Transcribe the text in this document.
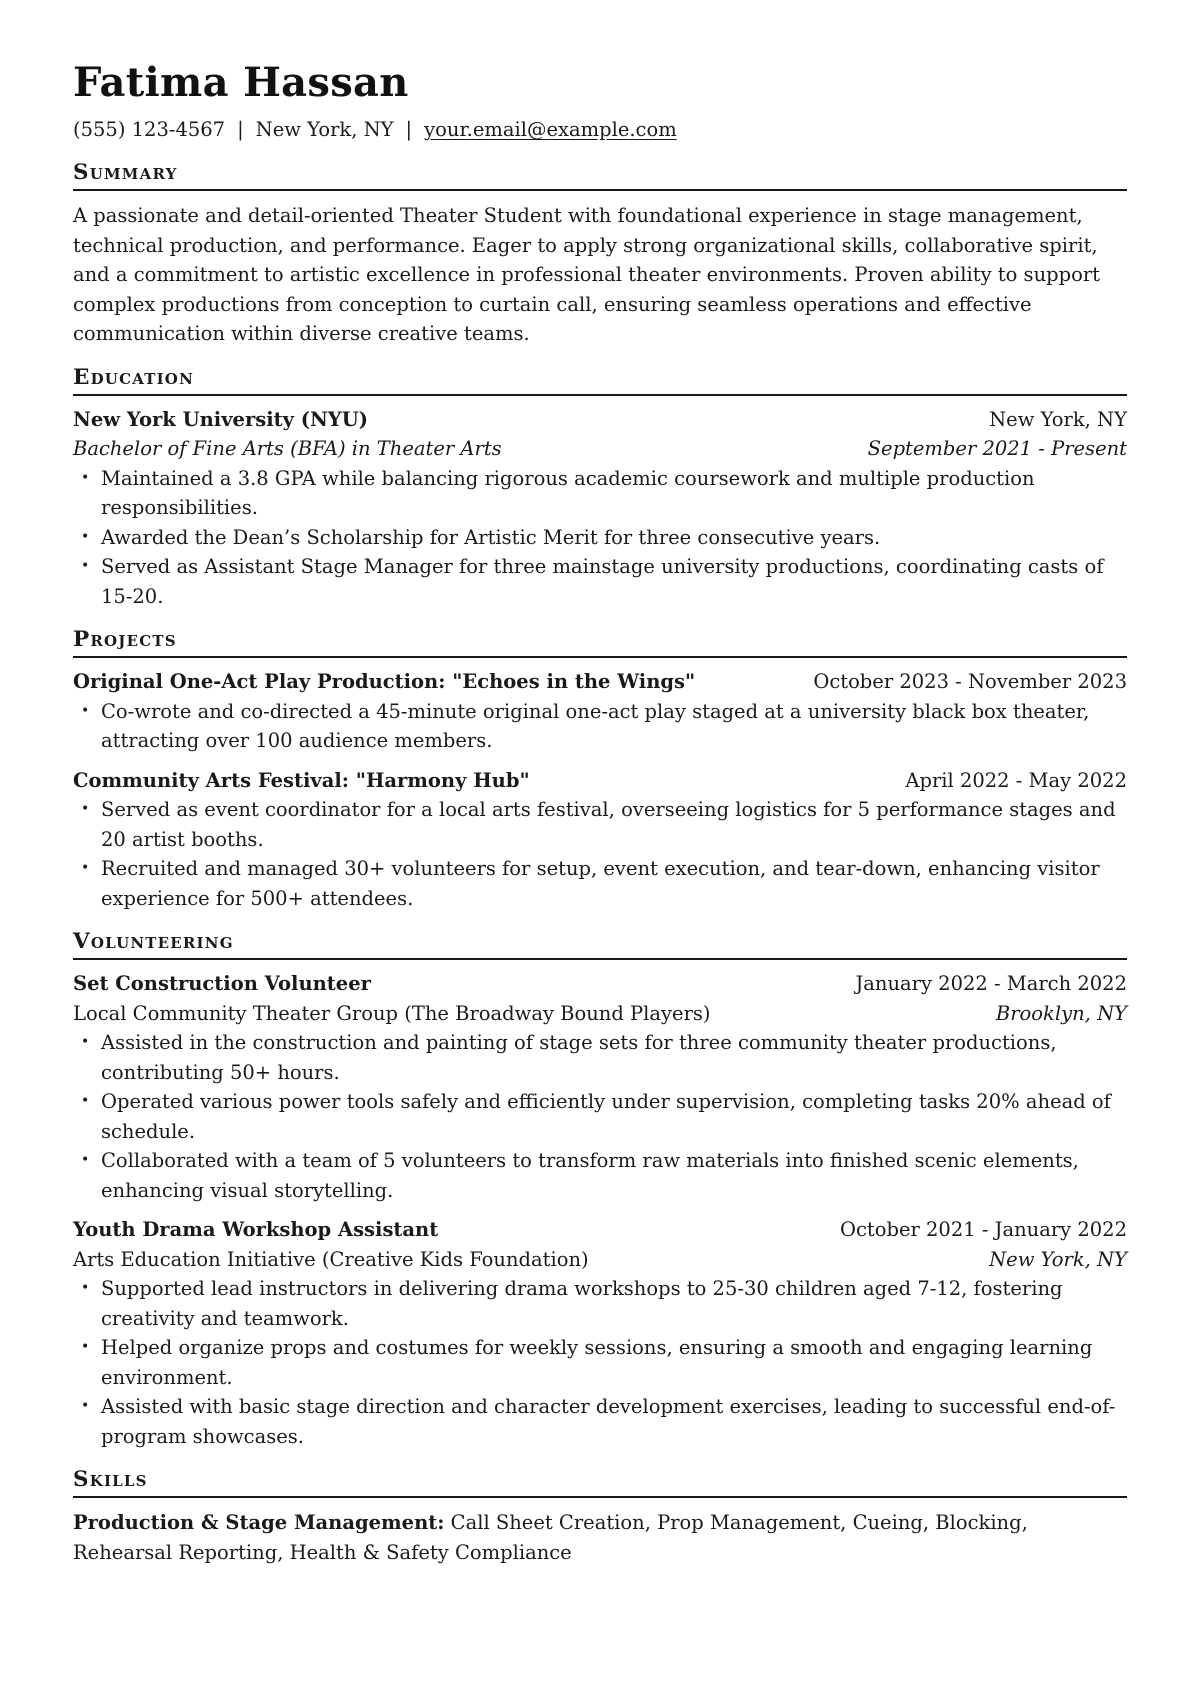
Fatima Hassan
(555) 123-4567 | New York, NY | your.email@example.com
Summary
A passionate and detail-oriented Theater Student with foundational experience in stage management, technical production, and performance. Eager to apply strong organizational skills, collaborative spirit, and a commitment to artistic excellence in professional theater environments. Proven ability to support complex productions from conception to curtain call, ensuring seamless operations and effective communication within diverse creative teams.
Education
New York University (NYU)	New York, NY
Bachelor of Fine Arts (BFA) in Theater Arts	September 2021 - Present
• Maintained a 3.8 GPA while balancing rigorous academic coursework and multiple production responsibilities.
• Awarded the Dean’s Scholarship for Artistic Merit for three consecutive years.
• Served as Assistant Stage Manager for three mainstage university productions, coordinating casts of 15-20.
Projects
Original One-Act Play Production: "Echoes in the Wings"	October 2023 - November 2023
• Co-wrote and co-directed a 45-minute original one-act play staged at a university black box theater, attracting over 100 audience members.
Community Arts Festival: "Harmony Hub"	April 2022 - May 2022
• Served as event coordinator for a local arts festival, overseeing logistics for 5 performance stages and 20 artist booths.
• Recruited and managed 30+ volunteers for setup, event execution, and tear-down, enhancing visitor experience for 500+ attendees.
Volunteering
Set Construction Volunteer	January 2022 - March 2022
Local Community Theater Group (The Broadway Bound Players)	Brooklyn, NY
• Assisted in the construction and painting of stage sets for three community theater productions, contributing 50+ hours.
• Operated various power tools safely and efficiently under supervision, completing tasks 20% ahead of schedule.
• Collaborated with a team of 5 volunteers to transform raw materials into finished scenic elements, enhancing visual storytelling.
Youth Drama Workshop Assistant	October 2021 - January 2022
Arts Education Initiative (Creative Kids Foundation)	New York, NY
• Supported lead instructors in delivering drama workshops to 25-30 children aged 7-12, fostering creativity and teamwork.
• Helped organize props and costumes for weekly sessions, ensuring a smooth and engaging learning environment.
• Assisted with basic stage direction and character development exercises, leading to successful end-of-program showcases.
Skills
Production & Stage Management: Call Sheet Creation, Prop Management, Cueing, Blocking, Rehearsal Reporting, Health & Safety Compliance
